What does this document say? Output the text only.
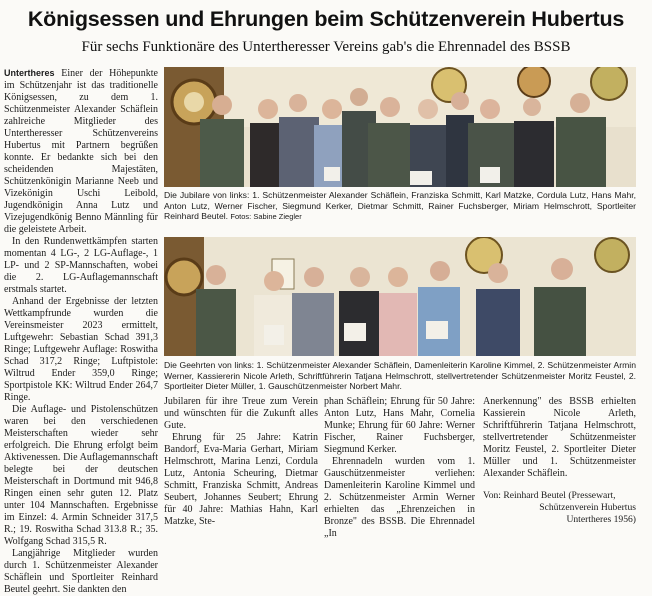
Königsessen und Ehrungen beim Schützenverein Hubertus
Für sechs Funktionäre des Untertheresser Vereins gab's die Ehrennadel des BSSB

Untertheres Einer der Höhepunkte im Schützenjahr ist das traditionelle Königsessen, zu dem 1. Schützenmeister Alexander Schäflein zahlreiche Mitglieder des Untertheresser Schützenvereins Hubertus mit Partnern begrüßen konnte. Er bedankte sich bei den scheidenden Majestäten, Schützenkönigin Marianne Neeb und Vizekönigin Uschi Leibold, Jugendkönigin Anna Lutz und Vizejugendkönig Benno Männling für die geleistete Arbeit.

In den Rundenwettkämpfen starten momentan 4 LG-, 2 LG-Auflage-, 1 LP- und 2 SP-Mannschaften, wobei die 2. LG-Auflagemannschaft erstmals startet.

Anhand der Ergebnisse der letzten Wettkampfrunde wurden die Vereinsmeister 2023 ermittelt, Luftgewehr: Sebastian Schad 391,3 Ringe; Luftgewehr Auflage: Roswitha Schad 317,2 Ringe; Luftpistole: Wiltrud Ender 359,0 Ringe; Sportpistole KK: Wiltrud Ender 264,7 Ringe.

Die Auflage- und Pistolenschützen waren bei den verschiedenen Meisterschaften wieder sehr erfolgreich. Die Ehrung erfolgt beim Aktivenessen. Die Auflagemannschaft belegte bei der deutschen Meisterschaft in Dortmund mit 946,8 Ringen einen sehr guten 12. Platz unter 104 Mannschaften. Ergebnisse im Einzel: 4. Armin Schneider 317,5 R.; 19. Roswitha Schad 313.8 R.; 35. Wolfgang Schad 315,5 R.

Langjährige Mitglieder wurden durch 1. Schützenmeister Alexander Schäflein und Sportleiter Reinhard Beutel geehrt. Sie dankten den

Die Jubilare von links: 1. Schützenmeister Alexander Schäflein, Franziska Schmitt, Karl Matzke, Cordula Lutz, Hans Mahr, Anton Lutz, Werner Fischer, Siegmund Kerker, Dietmar Schmitt, Rainer Fuchsberger, Miriam Helmschrott, Sportleiter Reinhard Beutel. Fotos: Sabine Ziegler
Die Geehrten von links: 1. Schützenmeister Alexander Schäflein, Damenleiterin Karoline Kimmel, 2. Schützenmeister Armin Werner, Kassiererin Nicole Arleth, Schriftführerin Tatjana Helmschrott, stellvertretender Schützenmeister Moritz Feustel, 2. Sportleiter Dieter Müller, 1. Gauschützenmeister Norbert Mahr.

Jubilaren für ihre Treue zum Verein und wünschten für die Zukunft alles Gute.

Ehrung für 25 Jahre: Katrin Bandorf, Eva-Maria Gerhart, Miriam Helmschrott, Marina Lenzi, Cordula Lutz, Antonia Scheuring, Dietmar Schmitt, Franziska Schmitt, Andreas Seubert, Johannes Seubert; Ehrung für 40 Jahre: Mathias Hahn, Karl Matzke, Ste-

phan Schäflein; Ehrung für 50 Jahre: Anton Lutz, Hans Mahr, Cornelia Munke; Ehrung für 60 Jahre: Werner Fischer, Rainer Fuchsberger, Siegmund Kerker.

Ehrennadeln wurden vom 1. Gauschützenmeister verliehen: Damenleiterin Karoline Kimmel und 2. Schützenmeister Armin Werner erhielten das „Ehrenzeichen in Bronze" des BSSB. Die Ehrennadel „In

Anerkennung" des BSSB erhielten Kassierein Nicole Arleth, Schriftführerin Tatjana Helmschrott, stellvertretender Schützenmeister Moritz Feustel, 2. Sportleiter Dieter Müller und 1. Schützenmeister Alexander Schäflein.

Von: Reinhard Beutel (Pressewart,
Schützenverein Hubertus
Untertheres 1956)
